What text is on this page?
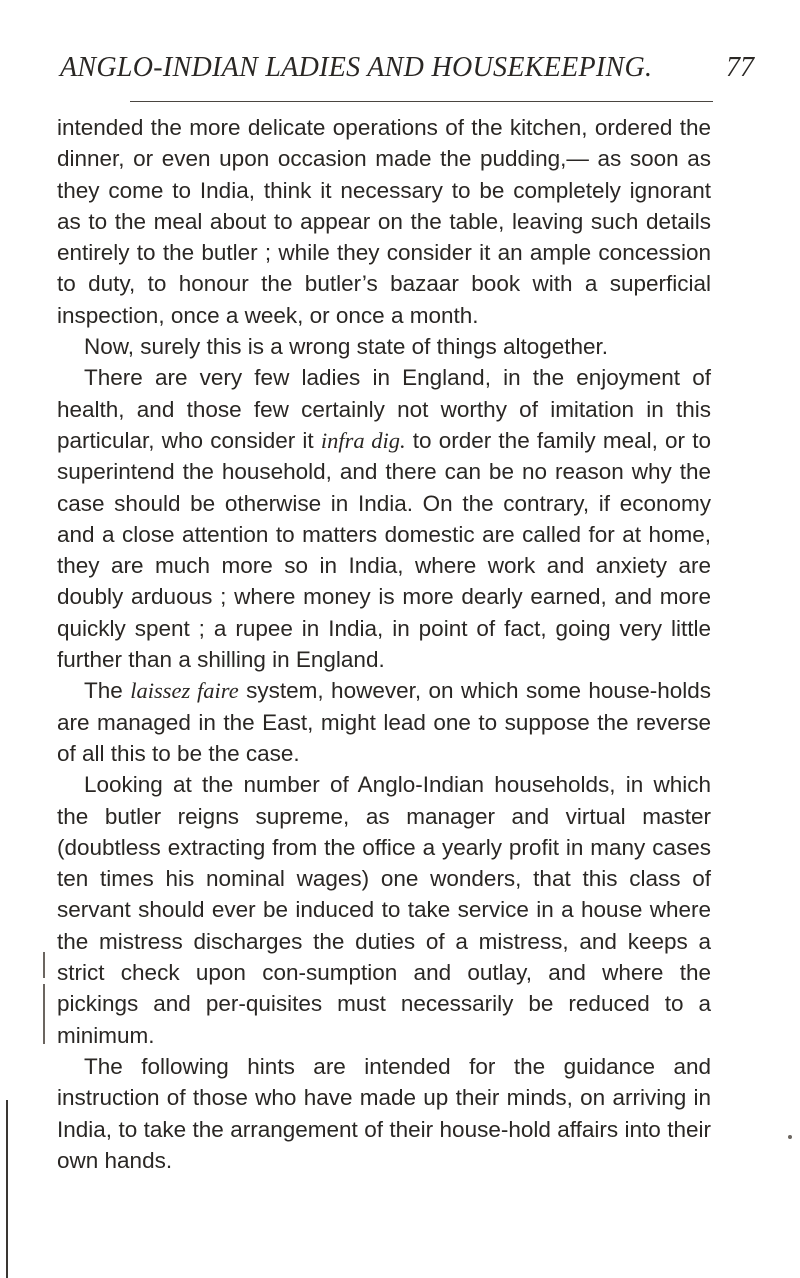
ANGLO-INDIAN LADIES AND HOUSEKEEPING.	77

intended the more delicate operations of the kitchen, ordered the dinner, or even upon occasion made the pudding,— as soon as they come to India, think it necessary to be completely ignorant as to the meal about to appear on the table, leaving such details entirely to the butler ; while they consider it an ample concession to duty, to honour the butler’s bazaar book with a superficial inspection, once a week, or once a month.

Now, surely this is a wrong state of things altogether.

There are very few ladies in England, in the enjoyment of health, and those few certainly not worthy of imitation in this particular, who consider it infra dig. to order the family meal, or to superintend the household, and there can be no reason why the case should be otherwise in India. On the contrary, if economy and a close attention to matters domestic are called for at home, they are much more so in India, where work and anxiety are doubly arduous ; where money is more dearly earned, and more quickly spent ; a rupee in India, in point of fact, going very little further than a shilling in England.

The laissez faire system, however, on which some house-holds are managed in the East, might lead one to suppose the reverse of all this to be the case.

Looking at the number of Anglo-Indian households, in which the butler reigns supreme, as manager and virtual master (doubtless extracting from the office a yearly profit in many cases ten times his nominal wages) one wonders, that this class of servant should ever be induced to take service in a house where the mistress discharges the duties of a mistress, and keeps a strict check upon con-sumption and outlay, and where the pickings and per-quisites must necessarily be reduced to a minimum.

The following hints are intended for the guidance and instruction of those who have made up their minds, on arriving in India, to take the arrangement of their house-hold affairs into their own hands.
